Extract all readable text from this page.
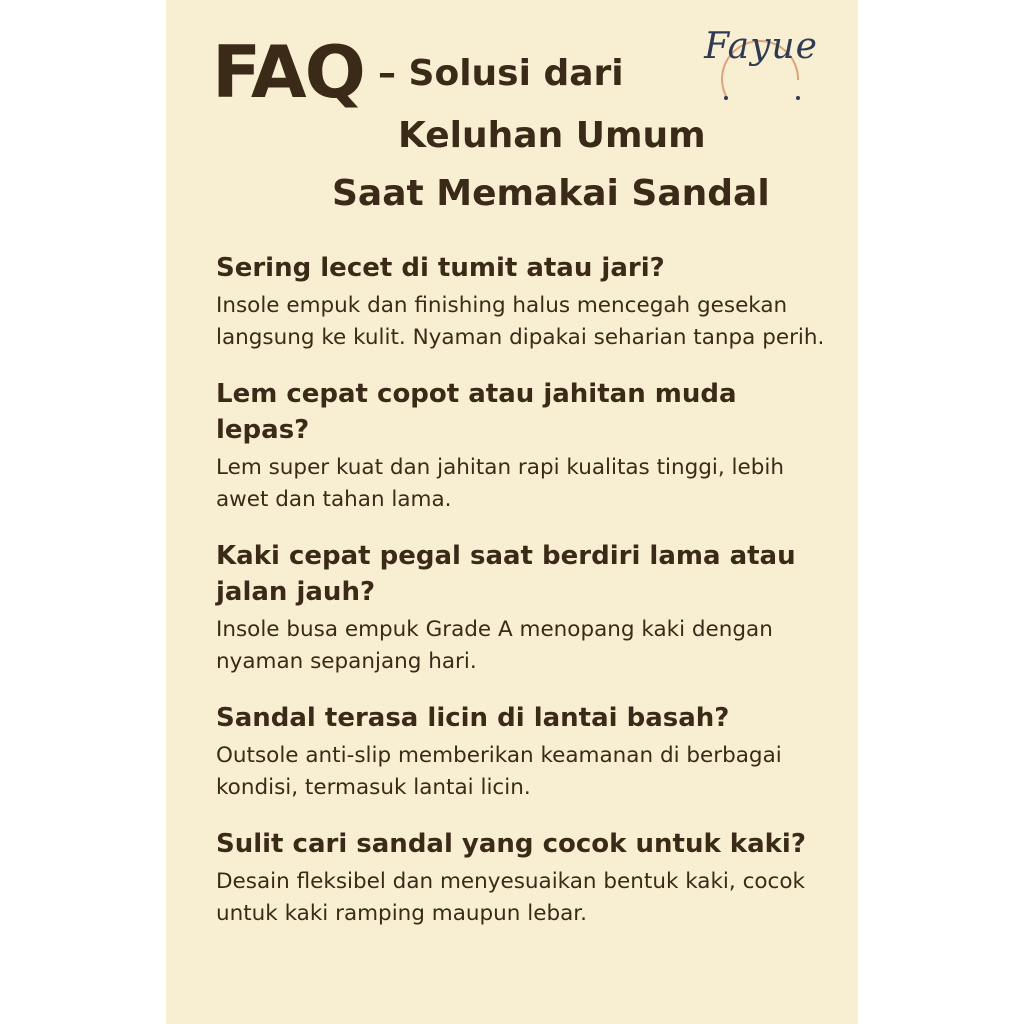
FAQ – Solusi dari
Keluhan Umum
Saat Memakai Sandal
Fayue

Sering lecet di tumit atau jari?

Insole empuk dan finishing halus mencegah gesekan langsung ke kulit. Nyaman dipakai seharian tanpa perih.

Lem cepat copot atau jahitan muda lepas?

Lem super kuat dan jahitan rapi kualitas tinggi, lebih awet dan tahan lama.

Kaki cepat pegal saat berdiri lama atau jalan jauh?

Insole busa empuk Grade A menopang kaki dengan nyaman sepanjang hari.

Sandal terasa licin di lantai basah?

Outsole anti-slip memberikan keamanan di berbagai kondisi, termasuk lantai licin.

Sulit cari sandal yang cocok untuk kaki?

Desain fleksibel dan menyesuaikan bentuk kaki, cocok untuk kaki ramping maupun lebar.
